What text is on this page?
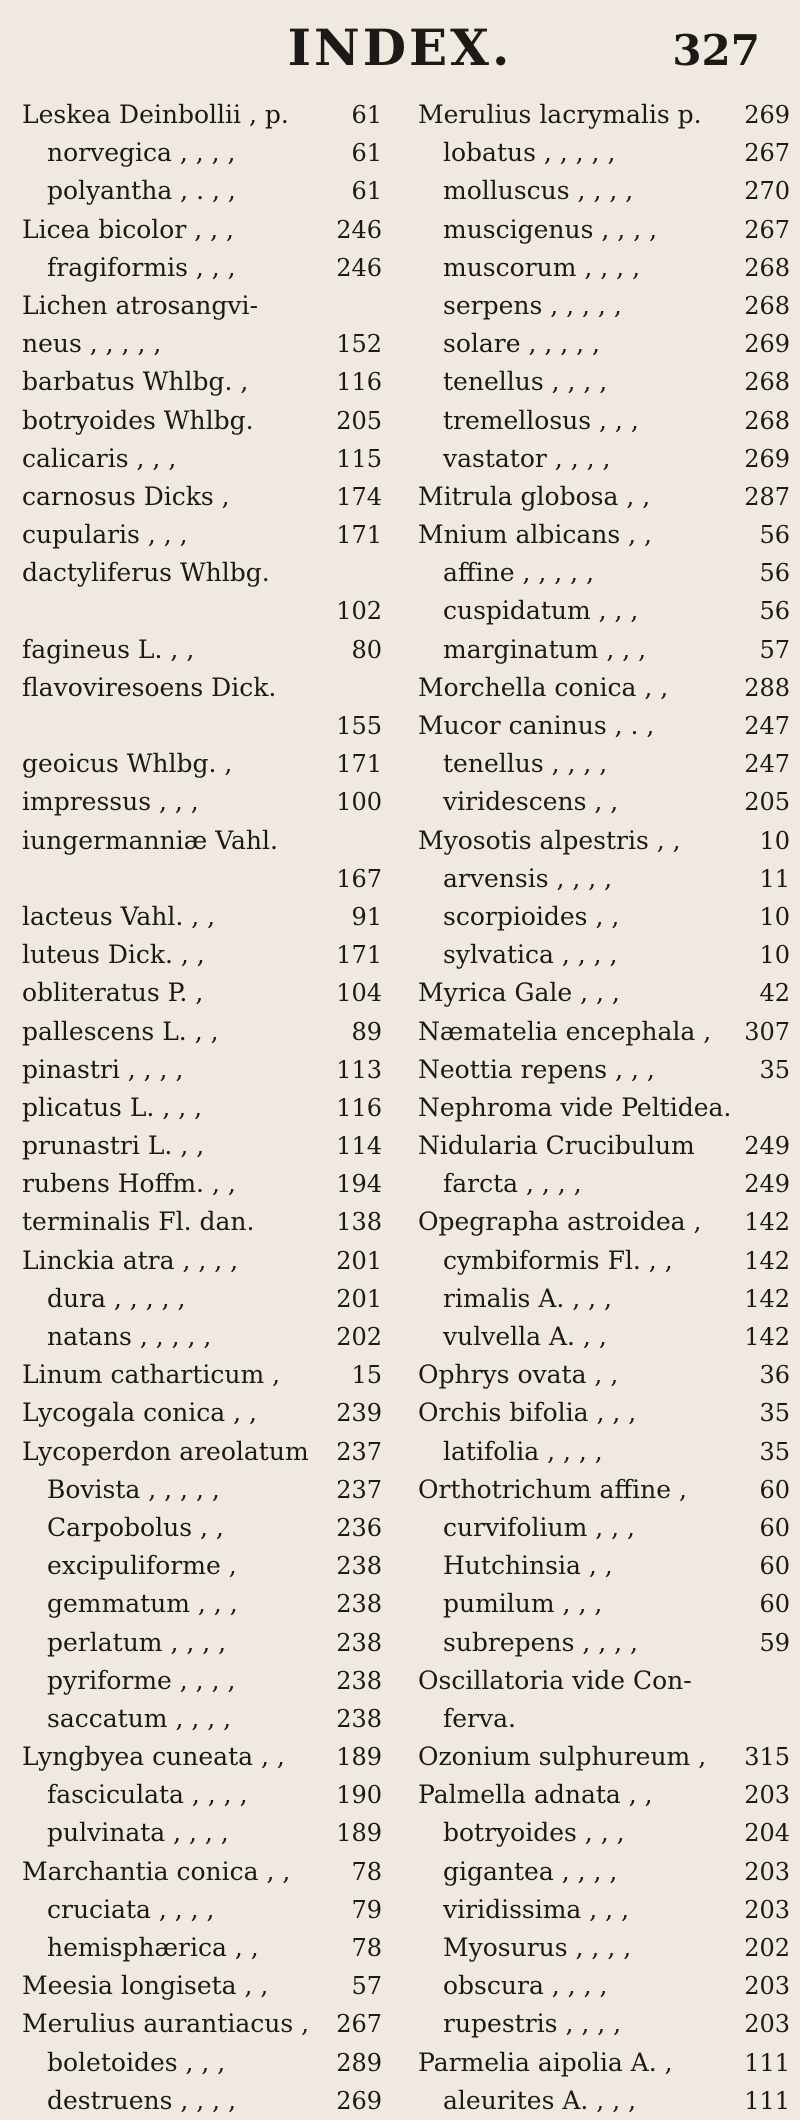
INDEX.	327
Leskea Deinbollii , p.	61
norvegica , , , ,	61
polyantha , . , ,	61
Licea bicolor , , ,	246
fragiformis , , ,	246
Lichen atrosangvi-
neus , , , , ,	152
barbatus Whlbg. ,	116
botryoides Whlbg.	205
calicaris , , ,	115
carnosus Dicks ,	174
cupularis , , ,	171
dactyliferus Whlbg.
102
fagineus L. , ,	80
flavoviresoens Dick.
155
geoicus Whlbg. ,	171
impressus , , ,	100
iungermanniæ Vahl.
167
lacteus Vahl. , ,	91
luteus Dick. , ,	171
obliteratus P. ,	104
pallescens L. , ,	89
pinastri , , , ,	113
plicatus L. , , ,	116
prunastri L. , ,	114
rubens Hoffm. , ,	194
terminalis Fl. dan.	138
Linckia atra , , , ,	201
dura , , , , ,	201
natans , , , , ,	202
Linum catharticum ,	15
Lycogala conica , ,	239
Lycoperdon areolatum 237
Bovista , , , , ,	237
Carpobolus , ,	236
excipuliforme ,	238
gemmatum , , ,	238
perlatum , , , ,	238
pyriforme , , , ,	238
saccatum , , , ,	238
Lyngbyea cuneata , , 189
fasciculata , , , ,	190
pulvinata , , , ,	189
Marchantia conica , ,	78
cruciata , , , ,	79
hemisphærica , ,	78
Meesia longiseta , ,	57
Merulius aurantiacus , 267
boletoides , , ,	289
destruens , , , ,	269
Merulius lacrymalis p. 269
lobatus , , , , ,	267
molluscus , , , ,	270
muscigenus , , , ,	267
muscorum , , , ,	268
serpens , , , , ,	268
solare , , , , ,	269
tenellus , , , ,	268
tremellosus , , ,	268
vastator , , , ,	269
Mitrula globosa , ,	287
Mnium albicans , ,	56
affine , , , , ,	56
cuspidatum , , ,	56
marginatum , , ,	57
Morchella conica , ,	288
Mucor caninus , . ,	247
tenellus , , , ,	247
viridescens , ,	205
Myosotis alpestris , ,	10
arvensis , , , ,	11
scorpioides , ,	10
sylvatica , , , ,	10
Myrica Gale , , ,	42
Næmatelia encephala , 307
Neottia repens , , ,	35
Nephroma vide Peltidea.
Nidularia Crucibulum 249
farcta , , , ,	249
Opegrapha astroidea , 142
cymbiformis Fl. , ,	142
rimalis A. , , ,	142
vulvella A. , ,	142
Ophrys ovata , ,	36
Orchis bifolia , , ,	35
latifolia , , , ,	35
Orthotrichum affine ,	60
curvifolium , , ,	60
Hutchinsia , ,	60
pumilum , , ,	60
subrepens , , , ,	59
Oscillatoria vide Con-
ferva.
Ozonium sulphureum , 315
Palmella adnata , ,	203
botryoides , , ,	204
gigantea , , , ,	203
viridissima , , ,	203
Myosurus , , , ,	202
obscura , , , ,	203
rupestris , , , ,	203
Parmelia aipolia A. ,	111
aleurites A. , , ,	111
